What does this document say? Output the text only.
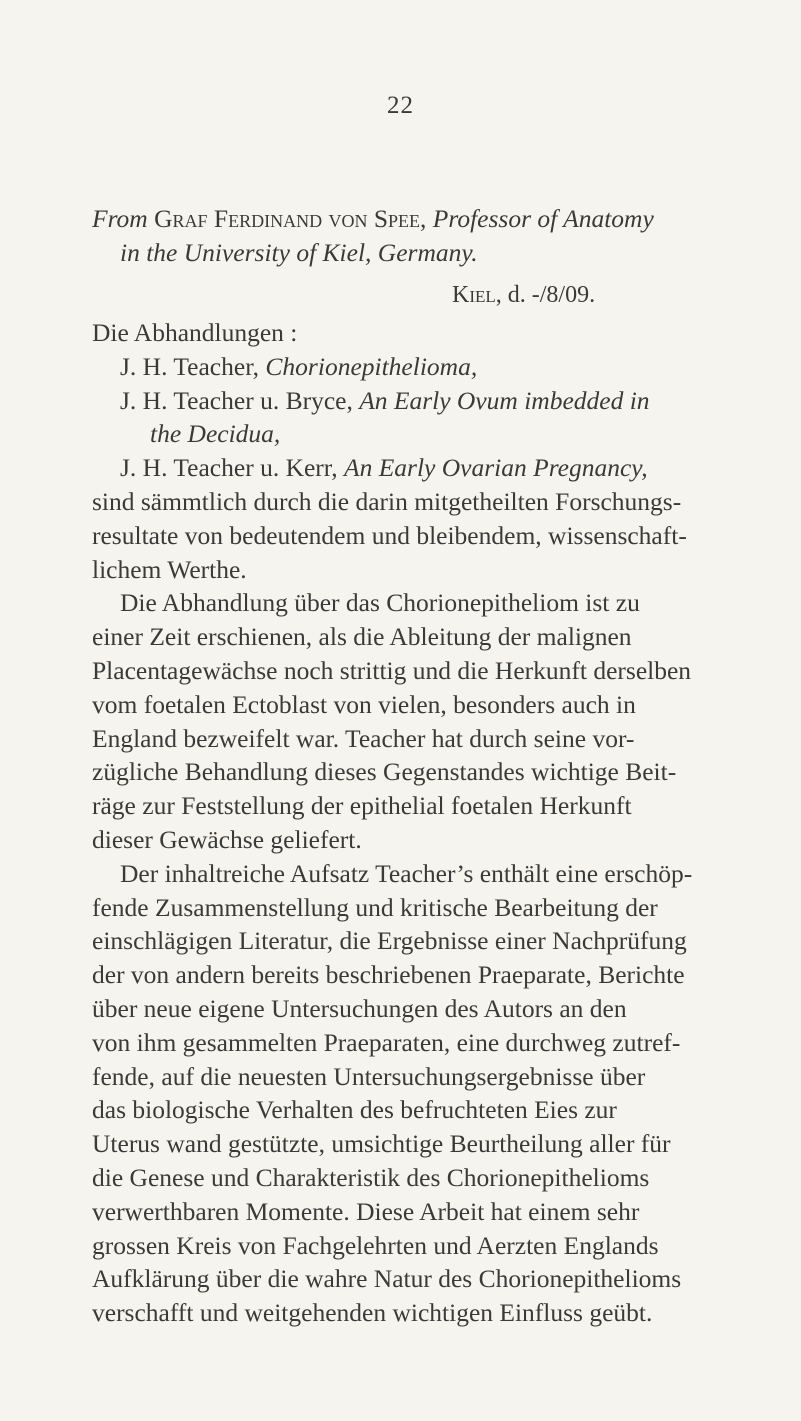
22
From Graf Ferdinand von Spee, Professor of Anatomy
in the University of Kiel, Germany.
Kiel, d. -/8/09.

Die Abhandlungen :

J. H. Teacher, Chorionepithelioma,

J. H. Teacher u. Bryce, An Early Ovum imbedded in

the Decidua,

J. H. Teacher u. Kerr, An Early Ovarian Pregnancy,

sind sämmtlich durch die darin mitgetheilten Forschungs-

resultate von bedeutendem und bleibendem, wissenschaft-

lichem Werthe.

Die Abhandlung über das Chorionepitheliom ist zu

einer Zeit erschienen, als die Ableitung der malignen

Placentagewächse noch strittig und die Herkunft derselben

vom foetalen Ectoblast von vielen, besonders auch in

England bezweifelt war. Teacher hat durch seine vor-

zügliche Behandlung dieses Gegenstandes wichtige Beit-

räge zur Feststellung der epithelial foetalen Herkunft

dieser Gewächse geliefert.

Der inhaltreiche Aufsatz Teacher’s enthält eine erschöp-

fende Zusammenstellung und kritische Bearbeitung der

einschlägigen Literatur, die Ergebnisse einer Nachprüfung

der von andern bereits beschriebenen Praeparate, Berichte

über neue eigene Untersuchungen des Autors an den

von ihm gesammelten Praeparaten, eine durchweg zutref-

fende, auf die neuesten Untersuchungsergebnisse über

das biologische Verhalten des befruchteten Eies zur

Uterus wand gestützte, umsichtige Beurtheilung aller für

die Genese und Charakteristik des Chorionepithelioms

verwerthbaren Momente. Diese Arbeit hat einem sehr

grossen Kreis von Fachgelehrten und Aerzten Englands

Aufklärung über die wahre Natur des Chorionepithelioms

verschafft und weitgehenden wichtigen Einfluss geübt.
